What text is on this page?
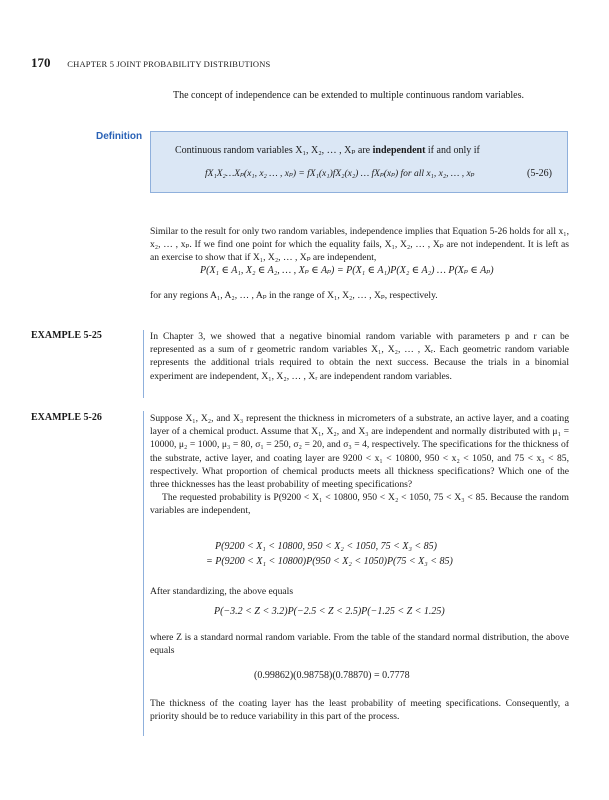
170 CHAPTER 5 JOINT PROBABILITY DISTRIBUTIONS
The concept of independence can be extended to multiple continuous random variables.
Definition
Continuous random variables X₁, X₂, … , Xₚ are independent if and only if
fX₁X₂…Xₚ(x₁, x₂ … , xₚ) = fX₁(x₁)fX₂(x₂) … fXₚ(xₚ) for all x₁, x₂, … , xₚ	(5-26)
Similar to the result for only two random variables, independence implies that Equation 5-26 holds for all x₁, x₂, … , xₚ. If we find one point for which the equality fails, X₁, X₂, … , Xₚ are not independent. It is left as an exercise to show that if X₁, X₂, … , Xₚ are independent,
P(X₁ ∈ A₁, X₂ ∈ A₂, … , Xₚ ∈ Aₚ) = P(X₁ ∈ A₁)P(X₂ ∈ A₂) … P(Xₚ ∈ Aₚ)
for any regions A₁, A₂, … , Aₚ in the range of X₁, X₂, … , Xₚ, respectively.
EXAMPLE 5-25	In Chapter 3, we showed that a negative binomial random variable with parameters p and r can be represented as a sum of r geometric random variables X₁, X₂, … , Xᵣ. Each geometric random variable represents the additional trials required to obtain the next success. Because the trials in a binomial experiment are independent, X₁, X₂, … , Xᵣ are independent random variables.
EXAMPLE 5-26	Suppose X₁, X₂, and X₃ represent the thickness in micrometers of a substrate, an active layer, and a coating layer of a chemical product. Assume that X₁, X₂, and X₃ are independent and normally distributed with μ₁ = 10000, μ₂ = 1000, μ₃ = 80, σ₁ = 250, σ₂ = 20, and σ₃ = 4, respectively. The specifications for the thickness of the substrate, active layer, and coating layer are 9200 < x₁ < 10800, 950 < x₂ < 1050, and 75 < x₃ < 85, respectively. What proportion of chemical products meets all thickness specifications? Which one of the three thicknesses has the least probability of meeting specifications?
The requested probability is P(9200 < X₁ < 10800, 950 < X₂ < 1050, 75 < X₃ < 85. Because the random variables are independent,
P(9200 < X₁ < 10800, 950 < X₂ < 1050, 75 < X₃ < 85)
= P(9200 < X₁ < 10800)P(950 < X₂ < 1050)P(75 < X₃ < 85)
After standardizing, the above equals
P(−3.2 < Z < 3.2)P(−2.5 < Z < 2.5)P(−1.25 < Z < 1.25)
where Z is a standard normal random variable. From the table of the standard normal distribution, the above equals
(0.99862)(0.98758)(0.78870) = 0.7778
The thickness of the coating layer has the least probability of meeting specifications. Consequently, a priority should be to reduce variability in this part of the process.
